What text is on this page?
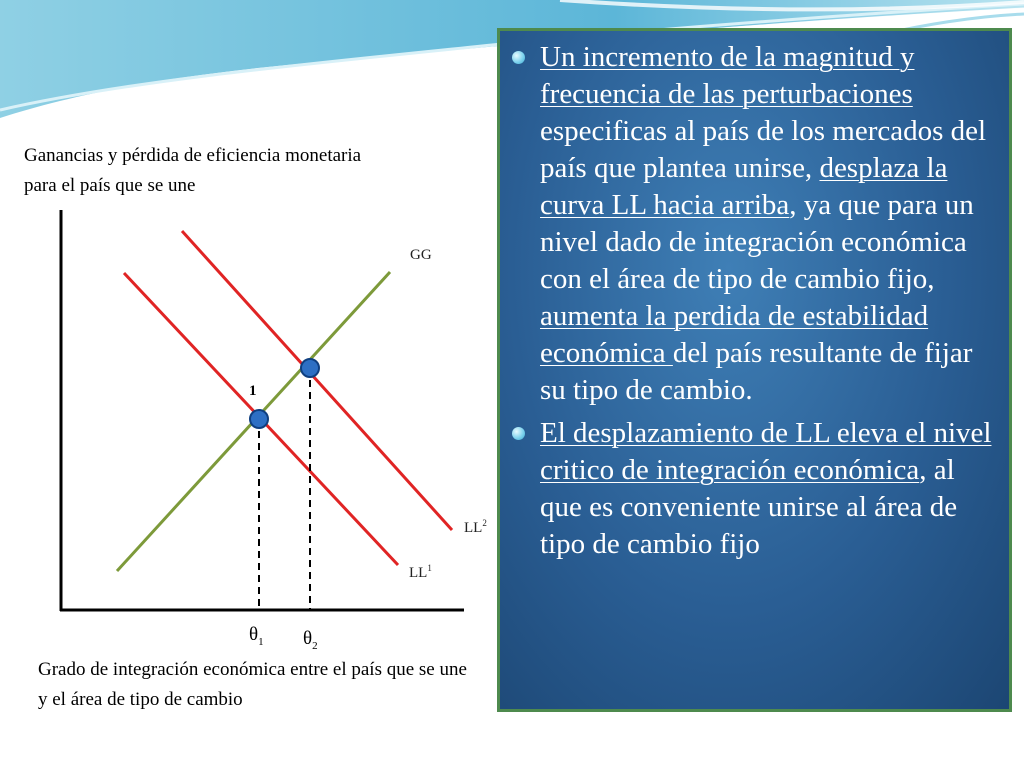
Ganancias y pérdida de eficiencia monetaria para el país que se une
Grado de integración económica entre el país que se une y el área de tipo de cambio
GG
$LL^2$
$LL^1$
1
$\theta_1$ $\theta_2$
Un incremento de la magnitud y frecuencia de las perturbaciones especificas al país de los mercados del país que plantea unirse, desplaza la curva LL hacia arriba, ya que para un nivel dado de integración económica con el área de tipo de cambio fijo, aumenta la perdida de estabilidad económica del país resultante de fijar su tipo de cambio.
El desplazamiento de LL eleva el nivel critico de integración económica, al que es conveniente unirse al área de tipo de cambio fijo
